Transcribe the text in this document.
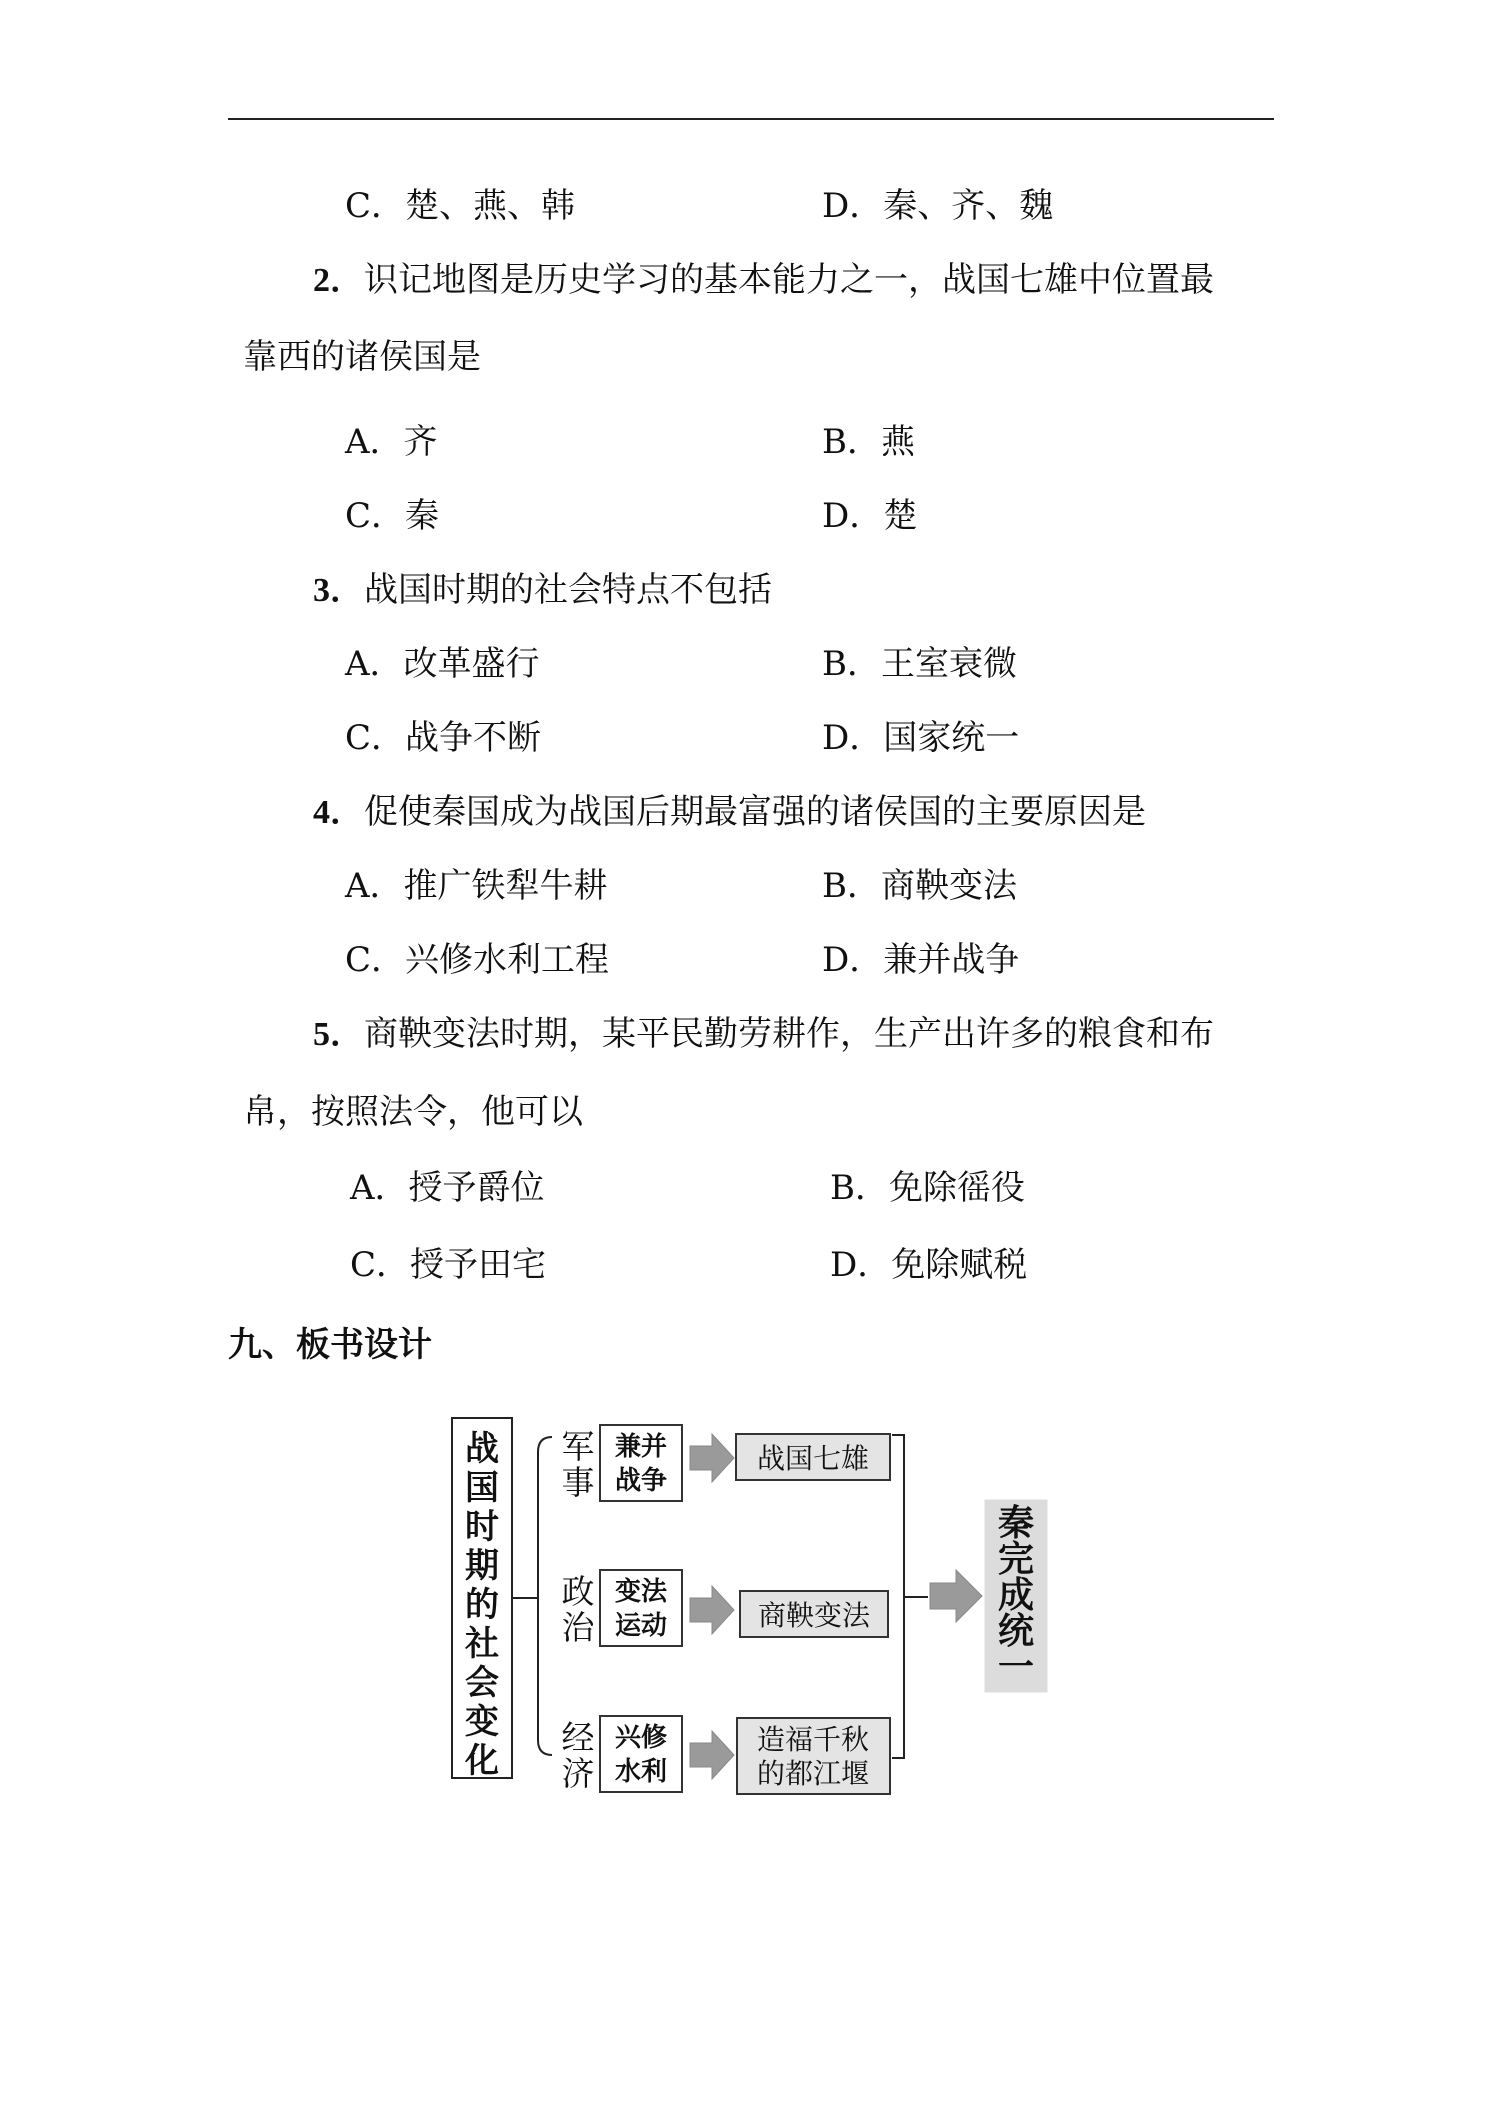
C．楚、燕、韩	D．秦、齐、魏
2．识记地图是历史学习的基本能力之一，战国七雄中位置最
靠西的诸侯国是
A．齐	B．燕
C．秦	D．楚
3．战国时期的社会特点不包括
A．改革盛行	B．王室衰微
C．战争不断	D．国家统一
4．促使秦国成为战国后期最富强的诸侯国的主要原因是
A．推广铁犁牛耕	B．商鞅变法
C．兴修水利工程	D．兼并战争
5．商鞅变法时期，某平民勤劳耕作，生产出许多的粮食和布
帛，按照法令，他可以
A．授予爵位	B．免除徭役
C．授予田宅	D．免除赋税
九、板书设计
战
国
时
期
的
社
会
变
化
军
事
政
治
经
济
兼并
战争
变法
运动
兴修
水利
战国七雄
商鞅变法
造福千秋
的都江堰
秦
完
成
统
一
